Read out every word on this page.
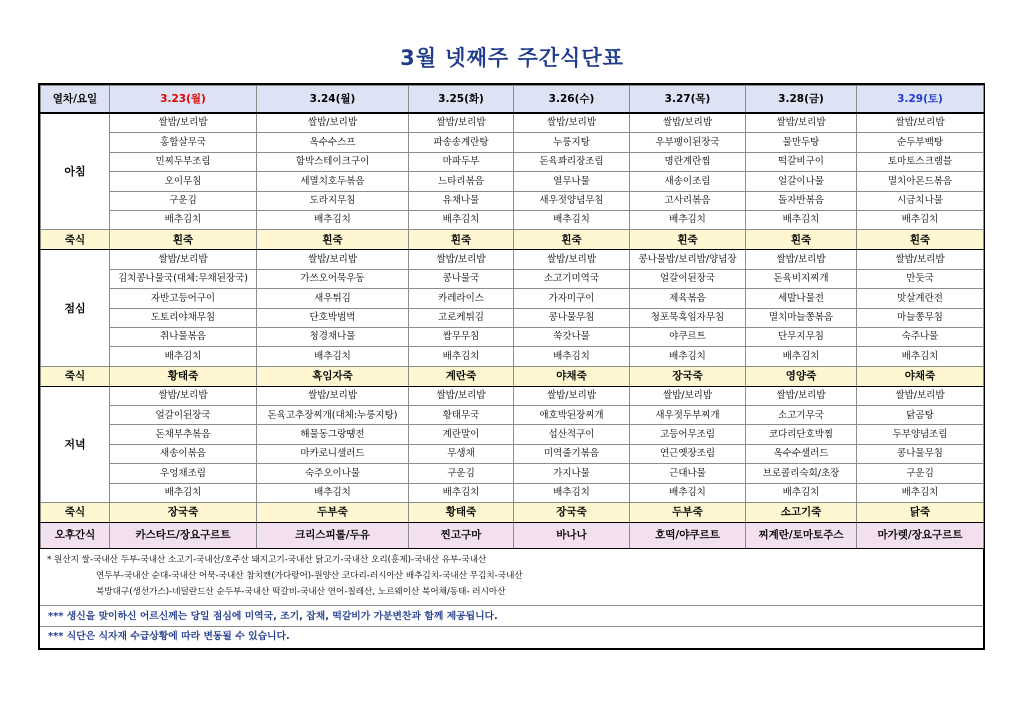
3월 넷째주 주간식단표
열차/요일	3.23(월)	3.24(월)	3.25(화)	3.26(수)	3.27(목)	3.28(금)	3.29(토)
아침	쌀밥/보리밥	쌀밥/보리밥	쌀밥/보리밥	쌀밥/보리밥	쌀밥/보리밥	쌀밥/보리밥	쌀밥/보리밥
	홍합살무국	옥수수스프	파송송계란탕	누룽지탕	우부팽이된장국	물만두탕	순두부백탕
	민찌두부조림	함박스테이크구이	마파두부	돈육꽈리장조림	명란계란찜	떡갈비구이	토마토스크램블
	오이무침	세멸치호두볶음	느타리볶음	열무나물	새송이조림	얼갈이나물	멸치아몬드볶음
	구운김	도라지무침	유채나물	새우젓양념무침	고사리볶음	돌자반볶음	시금치나물
	배추김치	배추김치	배추김치	배추김치	배추김치	배추김치	배추김치
죽식	흰죽	흰죽	흰죽	흰죽	흰죽	흰죽	흰죽
점심	쌀밥/보리밥	쌀밥/보리밥	쌀밥/보리밥	쌀밥/보리밥	콩나물밥/보리밥/양념장	쌀밥/보리밥	쌀밥/보리밥
	김치콩나물국(대체:무채된장국)	가쓰오어묵우동	콩나물국	소고기미역국	얼갈이된장국	돈육비지찌개	만둣국
	자반고등어구이	새우튀김	카레라이스	가자미구이	제육볶음	세발나물전	맛살계란전
	도토리야채무침	단호박범벅	고로케튀김	콩나물무침	청포묵흑임자무침	멸치마늘쫑볶음	마늘쫑무침
	취나물볶음	청경채나물	쌈무무침	쑥갓나물	야쿠르트	단무지무침	숙주나물
	배추김치	배추김치	배추김치	배추김치	배추김치	배추김치	배추김치
죽식	황태죽	흑임자죽	계란죽	야채죽	장국죽	영양죽	야채죽
저녁	쌀밥/보리밥	쌀밥/보리밥	쌀밥/보리밥	쌀밥/보리밥	쌀밥/보리밥	쌀밥/보리밥	쌀밥/보리밥
	얼갈이된장국	돈육고추장찌개(대체:누룽지탕)	황태무국	애호박된장찌개	새우젓두부찌개	소고기무국	닭곰탕
	돈채부추볶음	해물동그랑땡전	계란말이	섭산적구이	고등어무조림	코다리단호박찜	두부양념조림
	새송이볶음	마카로니샐러드	무생채	미역줄기볶음	연근옛장조림	옥수수샐러드	콩나물무침
	우엉채조림	숙주오이나물	구운김	가지나물	근대나물	브로콜리숙회/초장	구운김
	배추김치	배추김치	배추김치	배추김치	배추김치	배추김치	배추김치
죽식	장국죽	두부죽	황태죽	장국죽	두부죽	소고기죽	닭죽
오후간식	카스타드/장요구르트	크리스피롤/두유	찐고구마	바나나	호떡/야쿠르트	찌계란/토마토주스	마가렛/장요구르트
* 원산지 쌀-국내산 두부-국내산 소고기-국내산/호주산 돼지고기-국내산 닭고기-국내산 오리(훈제)-국내산 유부-국내산
연두부-국내산 순대-국내산 어묵-국내산 참치캔(가다랑어)-원양산 코다리-러시아산 배추김치-국내산 무김치-국내산
북방대구(생선가스)-네덜란드산 순두부-국내산 떡갈비-국내산 연어-칠레산, 노르웨이산 북어채/동태- 러시아산
*** 생신을 맞이하신 어르신께는 당일 점심에 미역국, 조기, 잡채, 떡갈비가 가분변찬과 함께 제공됩니다.
*** 식단은 식자재 수급상황에 따라 변동될 수 있습니다.
